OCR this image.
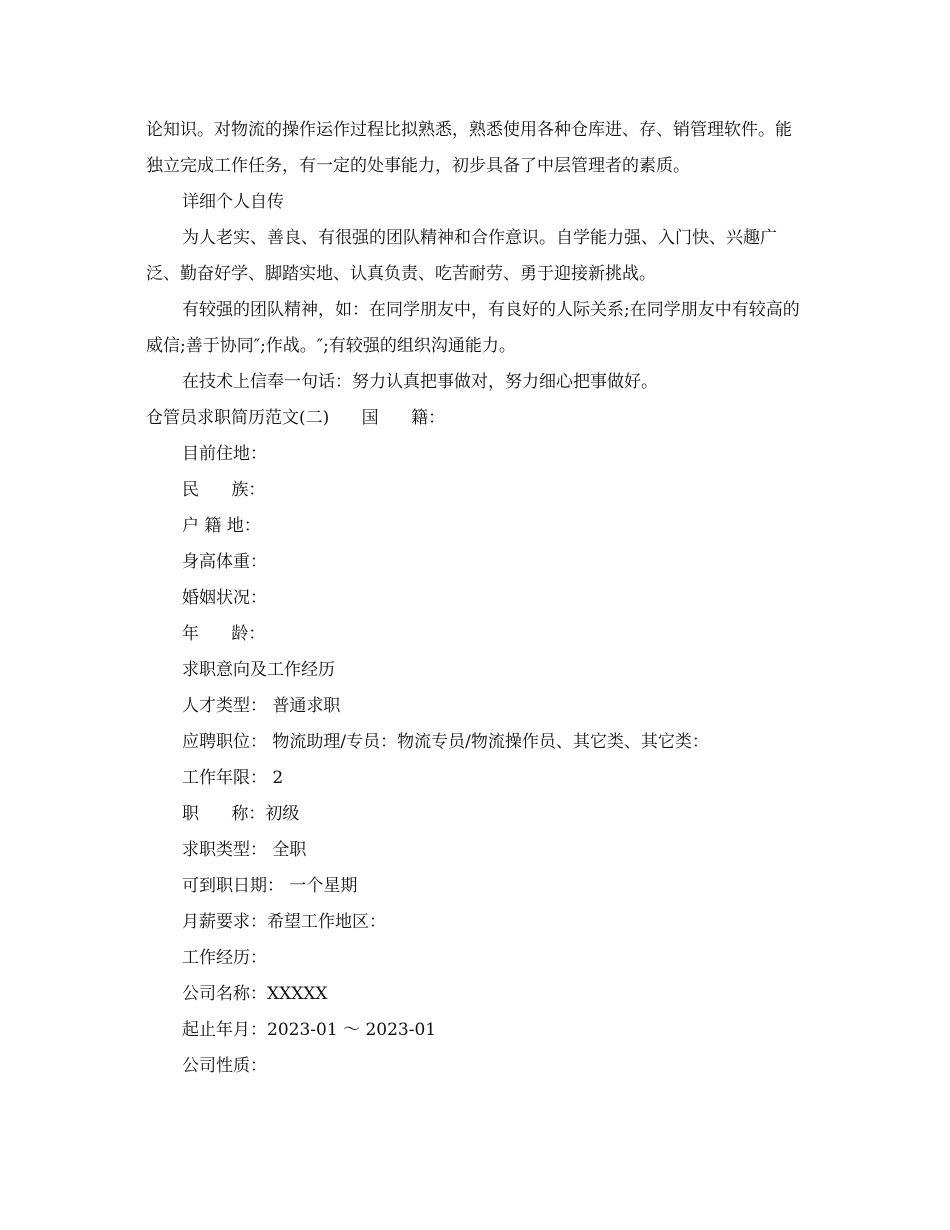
论知识。对物流的操作运作过程比拟熟悉，熟悉使用各种仓库进、存、销管理软件。能独立完成工作任务，有一定的处事能力，初步具备了中层管理者的素质。

详细个人自传

为人老实、善良、有很强的团队精神和合作意识。自学能力强、入门快、兴趣广泛、勤奋好学、脚踏实地、认真负责、吃苦耐劳、勇于迎接新挑战。

有较强的团队精神，如：在同学朋友中，有良好的人际关系;在同学朋友中有较高的威信;善于协同″;作战。″;有较强的组织沟通能力。

在技术上信奉一句话：努力认真把事做对，努力细心把事做好。

仓管员求职简历范文(二)      国      籍：

目前住地：

民      族：

户 籍 地：

身高体重：

婚姻状况：

年      龄：

求职意向及工作经历

人才类型： 普通求职

应聘职位： 物流助理/专员：物流专员/物流操作员、其它类、其它类：

工作年限： 2

职      称：初级

求职类型： 全职

可到职日期： 一个星期

月薪要求：希望工作地区：

工作经历：

公司名称：XXXXX

起止年月：2023-01 ～ 2023-01

公司性质：
